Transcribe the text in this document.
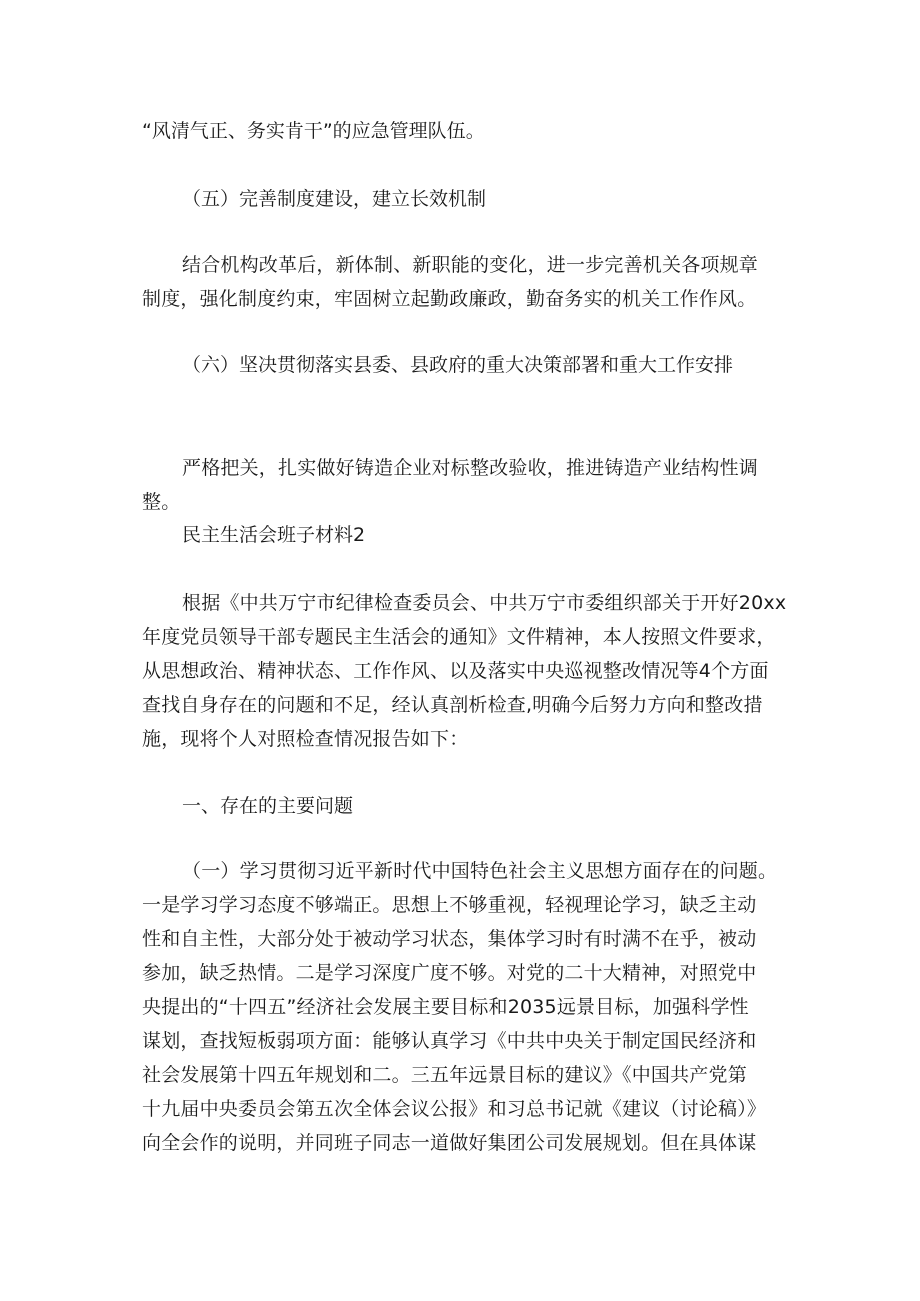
“风清气正、务实肯干”的应急管理队伍。
（五）完善制度建设，建立长效机制

结合机构改革后，新体制、新职能的变化，进一步完善机关各项规章

制度，强化制度约束，牢固树立起勤政廉政，勤奋务实的机关工作作风。

（六）坚决贯彻落实县委、县政府的重大决策部署和重大工作安排

严格把关，扎实做好铸造企业对标整改验收，推进铸造产业结构性调

整。

民主生活会班子材料2

根据《中共万宁市纪律检查委员会、中共万宁市委组织部关于开好20xx

年度党员领导干部专题民主生活会的通知》文件精神，本人按照文件要求，

从思想政治、精神状态、工作作风、以及落实中央巡视整改情况等4个方面

查找自身存在的问题和不足，经认真剖析检查,明确今后努力方向和整改措

施，现将个人对照检查情况报告如下：

一、存在的主要问题

（一）学习贯彻习近平新时代中国特色社会主义思想方面存在的问题。

一是学习学习态度不够端正。思想上不够重视，轻视理论学习，缺乏主动

性和自主性，大部分处于被动学习状态，集体学习时有时满不在乎，被动

参加，缺乏热情。二是学习深度广度不够。对党的二十大精神，对照党中

央提出的“十四五”经济社会发展主要目标和2035远景目标，加强科学性

谋划，查找短板弱项方面：能够认真学习《中共中央关于制定国民经济和

社会发展第十四五年规划和二。三五年远景目标的建议》《中国共产党第

十九届中央委员会第五次全体会议公报》和习总书记就《建议（讨论稿）》

向全会作的说明，并同班子同志一道做好集团公司发展规划。但在具体谋
